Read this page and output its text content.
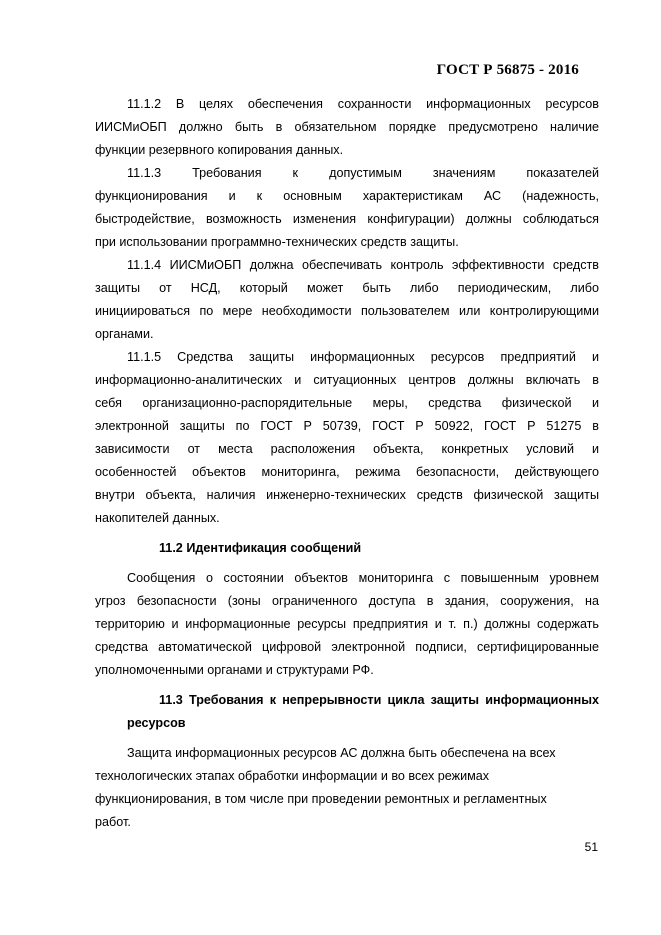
ГОСТ Р 56875 - 2016
11.1.2 В целях обеспечения сохранности информационных ресурсов
ИИСМиОБП должно быть в обязательном порядке предусмотрено наличие
функции резервного копирования данных.
11.1.3 Требования к допустимым значениям показателей
функционирования и к основным характеристикам АС (надежность,
быстродействие, возможность изменения конфигурации) должны соблюдаться
при использовании программно-технических средств защиты.
11.1.4 ИИСМиОБП должна обеспечивать контроль эффективности средств
защиты от НСД, который может быть либо периодическим, либо
инициироваться по мере необходимости пользователем или контролирующими
органами.
11.1.5 Средства защиты информационных ресурсов предприятий и
информационно-аналитических и ситуационных центров должны включать в
себя организационно-распорядительные меры, средства физической и
электронной защиты по ГОСТ Р 50739, ГОСТ Р 50922, ГОСТ Р 51275 в
зависимости от места расположения объекта, конкретных условий и
особенностей объектов мониторинга, режима безопасности, действующего
внутри объекта, наличия инженерно-технических средств физической защиты
накопителей данных.
11.2 Идентификация сообщений
Сообщения о состоянии объектов мониторинга с повышенным уровнем
угроз безопасности (зоны ограниченного доступа в здания, сооружения, на
территорию и информационные ресурсы предприятия и т. п.) должны содержать
средства автоматической цифровой электронной подписи, сертифицированные
уполномоченными органами и структурами РФ.
11.3 Требования к непрерывности цикла защиты информационных
ресурсов
Защита информационных ресурсов АС должна быть обеспечена на всех
технологических этапах обработки информации и во всех режимах
функционирования, в том числе при проведении ремонтных и регламентных
работ.
51
